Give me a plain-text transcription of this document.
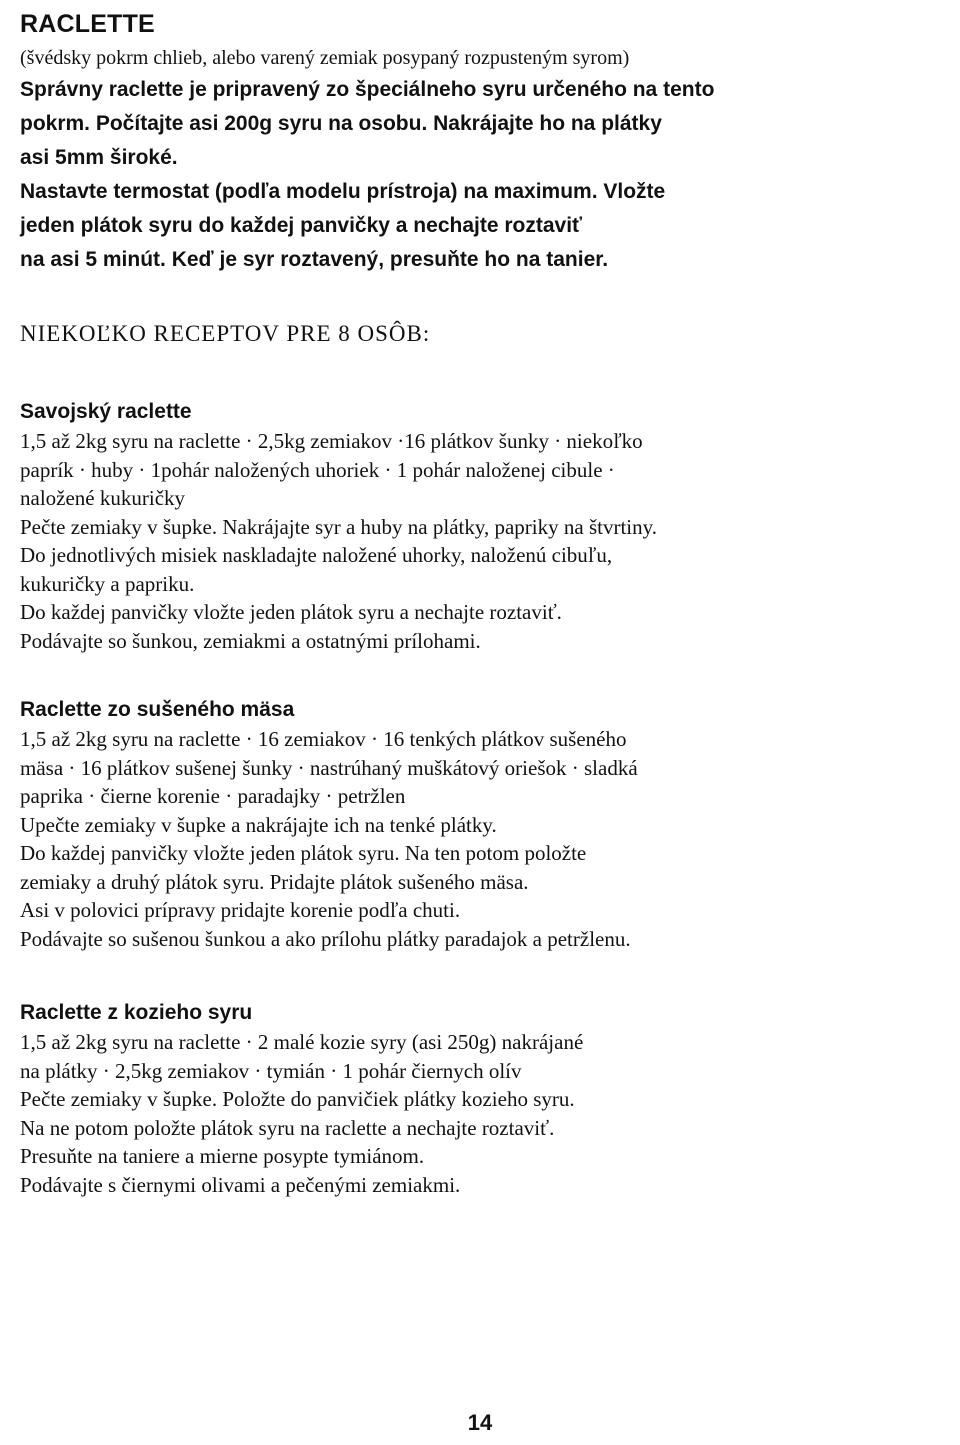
RACLETTE

(švédsky pokrm chlieb, alebo varený zemiak posypaný rozpusteným syrom)

Správny raclette je pripravený zo špeciálneho syru určeného na tento

pokrm. Počítajte asi 200g syru na osobu. Nakrájajte ho na plátky

asi 5mm široké.

Nastavte termostat (podľa modelu prístroja) na maximum. Vložte

jeden plátok syru do každej panvičky a nechajte roztaviť

na asi 5 minút. Keď je syr roztavený, presuňte ho na tanier.

NIEKOĽKO RECEPTOV PRE 8 OSÔB:

Savojský raclette

1,5 až 2kg syru na raclette · 2,5kg zemiakov ·16 plátkov šunky · niekoľko

paprík · huby · 1pohár naložených uhoriek · 1 pohár naloženej cibule ·

naložené kukuričky

Pečte zemiaky v šupke. Nakrájajte syr a huby na plátky, papriky na štvrtiny.

Do jednotlivých misiek naskladajte naložené uhorky, naloženú cibuľu,

kukuričky a papriku.

Do každej panvičky vložte jeden plátok syru a nechajte roztaviť.

Podávajte so šunkou, zemiakmi a ostatnými prílohami.

Raclette zo sušeného mäsa

1,5 až 2kg syru na raclette · 16 zemiakov · 16 tenkých plátkov sušeného

mäsa · 16 plátkov sušenej šunky · nastrúhaný muškátový oriešok · sladká

paprika · čierne korenie · paradajky · petržlen

Upečte zemiaky v šupke a nakrájajte ich na tenké plátky.

Do každej panvičky vložte jeden plátok syru. Na ten potom položte

zemiaky a druhý plátok syru. Pridajte plátok sušeného mäsa.

Asi v polovici prípravy pridajte korenie podľa chuti.

Podávajte so sušenou šunkou a ako prílohu plátky paradajok a petržlenu.

Raclette z kozieho syru

1,5 až 2kg syru na raclette · 2 malé kozie syry (asi 250g) nakrájané

na plátky · 2,5kg zemiakov · tymián · 1 pohár čiernych olív

Pečte zemiaky v šupke. Položte do panvičiek plátky kozieho syru.

Na ne potom položte plátok syru na raclette a nechajte roztaviť.

Presuňte na taniere a mierne posypte tymiánom.

Podávajte s čiernymi olivami a pečenými zemiakmi.

14
